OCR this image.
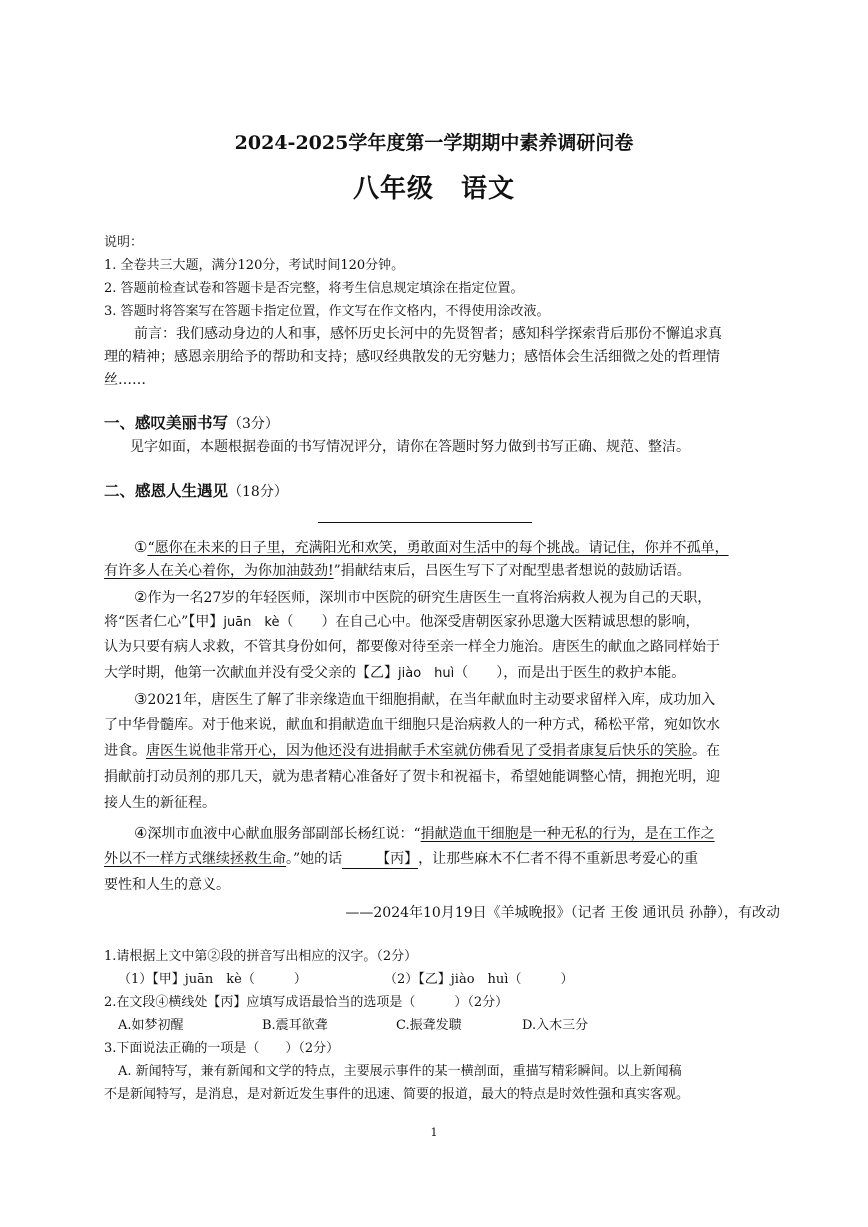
2024-2025学年度第一学期期中素养调研问卷
八年级　语文
说明：
1. 全卷共三大题，满分120分，考试时间120分钟。
2. 答题前检查试卷和答题卡是否完整，将考生信息规定填涂在指定位置。
3. 答题时将答案写在答题卡指定位置，作文写在作文格内，不得使用涂改液。
前言：我们感动身边的人和事，感怀历史长河中的先贤智者；感知科学探索背后那份不懈追求真
理的精神；感恩亲朋给予的帮助和支持；感叹经典散发的无穷魅力；感悟体会生活细微之处的哲理情
丝……
一、感叹美丽书写（3分）
见字如面，本题根据卷面的书写情况评分，请你在答题时努力做到书写正确、规范、整洁。
二、感恩人生遇见（18分）
①“愿你在未来的日子里，充满阳光和欢笑，勇敢面对生活中的每个挑战。请记住，你并不孤单，
有许多人在关心着你，为你加油鼓劲!”捐献结束后，吕医生写下了对配型患者想说的鼓励话语。
②作为一名27岁的年轻医师，深圳市中医院的研究生唐医生一直将治病救人视为自己的天职，
将“医者仁心”【甲】juān　kè（　　）在自己心中。他深受唐朝医家孙思邈大医精诚思想的影响，
认为只要有病人求救，不管其身份如何，都要像对待至亲一样全力施治。唐医生的献血之路同样始于
大学时期，他第一次献血并没有受父亲的【乙】jiào　huì（　　），而是出于医生的救护本能。
③2021年，唐医生了解了非亲缘造血干细胞捐献，在当年献血时主动要求留样入库，成功加入
了中华骨髓库。对于他来说，献血和捐献造血干细胞只是治病救人的一种方式，稀松平常，宛如饮水
进食。唐医生说他非常开心，因为他还没有进捐献手术室就仿佛看见了受捐者康复后快乐的笑脸。在
捐献前打动员剂的那几天，就为患者精心准备好了贺卡和祝福卡，希望她能调整心情，拥抱光明，迎
接人生的新征程。
④深圳市血液中心献血服务部副部长杨红说：“捐献造血干细胞是一种无私的行为，是在工作之
外以不一样方式继续拯救生命。”她的话 【丙】，让那些麻木不仁者不得不重新思考爱心的重
要性和人生的意义。
——2024年10月19日《羊城晚报》（记者 王俊 通讯员 孙静），有改动
1.请根据上文中第②段的拼音写出相应的汉字。（2分）
（1）【甲】juān　kè（　　　）	（2）【乙】jiào　huì（　　　）
2.在文段④横线处【丙】应填写成语最恰当的选项是（　　　）（2分）
A.如梦初醒	B.震耳欲聋	C.振聋发聩	D.入木三分
3.下面说法正确的一项是（　　）（2分）
A. 新闻特写，兼有新闻和文学的特点，主要展示事件的某一横剖面，重描写精彩瞬间。以上新闻稿
不是新闻特写，是消息，是对新近发生事件的迅速、简要的报道，最大的特点是时效性强和真实客观。
1
